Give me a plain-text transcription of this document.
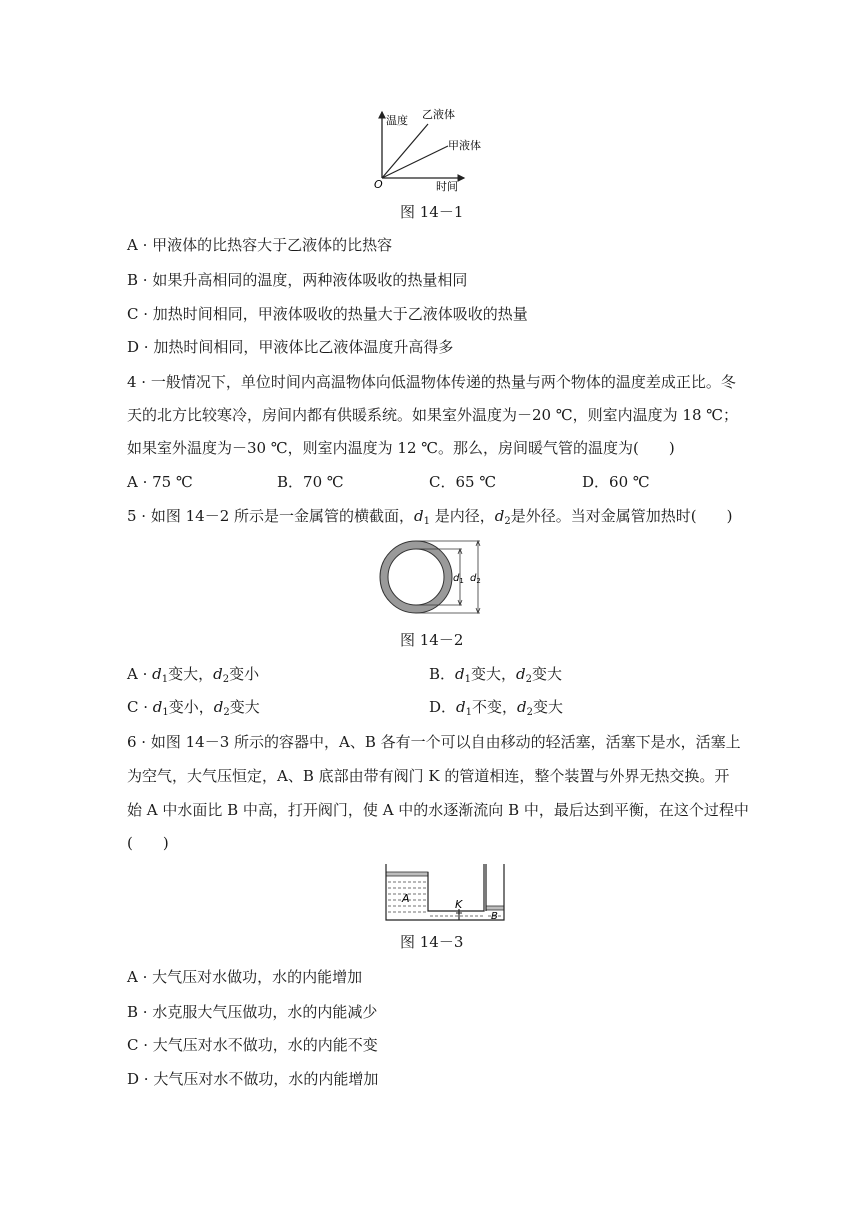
温度 乙液体
甲液体
O	时间
图 14－1
A · 甲液体的比热容大于乙液体的比热容
B · 如果升高相同的温度，两种液体吸收的热量相同
C · 加热时间相同，甲液体吸收的热量大于乙液体吸收的热量
D · 加热时间相同，甲液体比乙液体温度升高得多
4 · 一般情况下，单位时间内高温物体向低温物体传递的热量与两个物体的温度差成正比。冬
天的北方比较寒冷，房间内都有供暖系统。如果室外温度为－20 ℃，则室内温度为 18 ℃；
如果室外温度为－30 ℃，则室内温度为 12 ℃。那么，房间暖气管的温度为(　　)
A · 75 ℃	B．70 ℃	C．65 ℃	D．60 ℃
5 · 如图 14－2 所示是一金属管的横截面，$d_1$ 是内径，$d_2$是外径。当对金属管加热时(　　)
$d_1$ $d_2$
图 14－2
$A \cdot d_1$变大，$d_2$变小	B．$d_1$变大，$d_2$变大
$C \cdot d_1$变小，$d_2$变大	D．$d_1$不变，$d_2$变大
6 · 如图 14－3 所示的容器中，A、B 各有一个可以自由移动的轻活塞，活塞下是水，活塞上
为空气，大气压恒定，A、B 底部由带有阀门 K 的管道相连，整个装置与外界无热交换。开
始 A 中水面比 B 中高，打开阀门，使 A 中的水逐渐流向 B 中，最后达到平衡，在这个过程中
(　　)
A	K
B
图 14－3
A · 大气压对水做功，水的内能增加
B · 水克服大气压做功，水的内能减少
C · 大气压对水不做功，水的内能不变
D · 大气压对水不做功，水的内能增加
